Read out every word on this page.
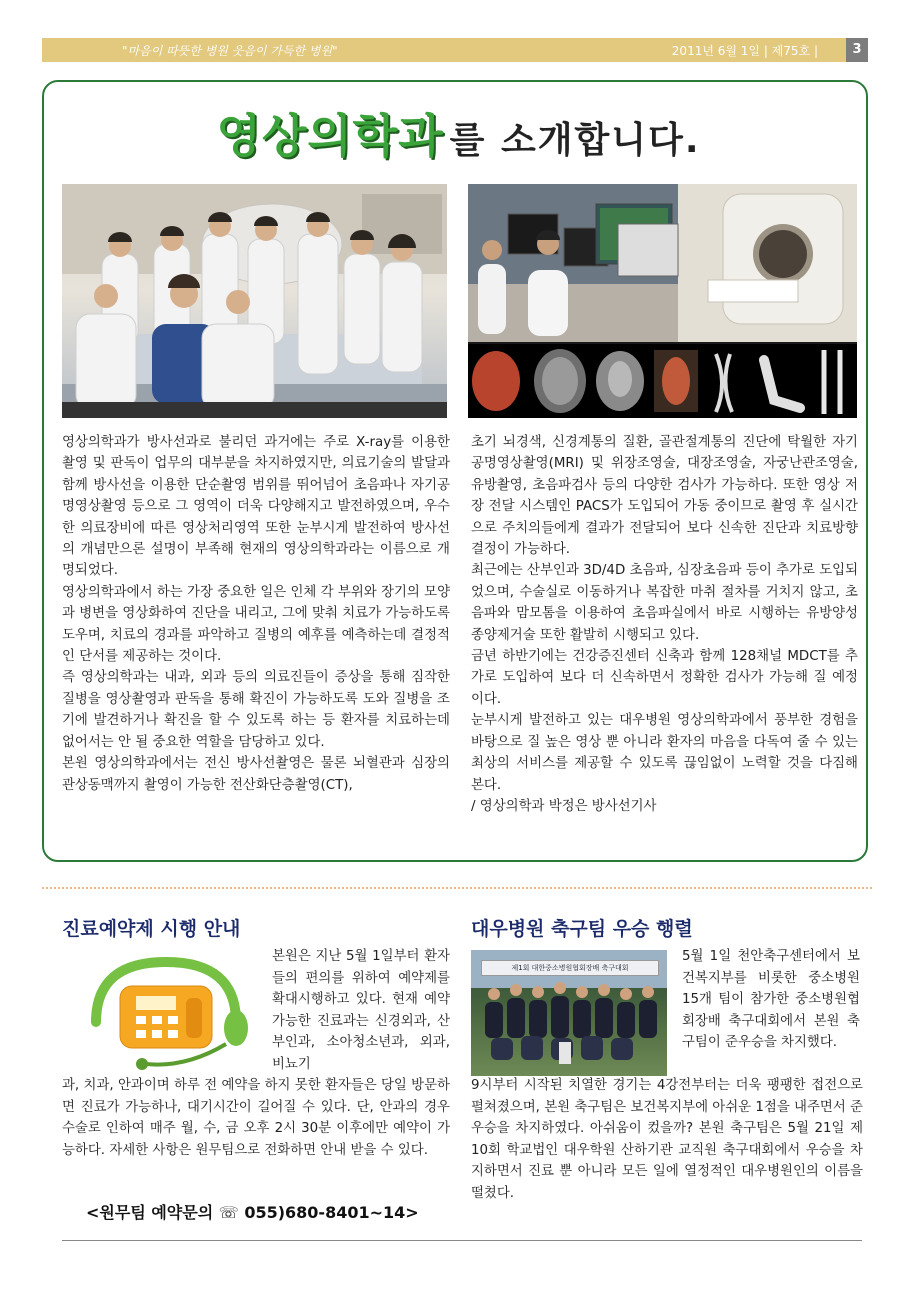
"마음이 따뜻한 병원 웃음이 가득한 병원"	2011년 6월 1일 | 제75호 |	3
영상의학과 를 소개합니다.

영상의학과가 방사선과로 불리던 과거에는 주로 X-ray를 이용한 촬영 및 판독이 업무의 대부분을 차지하였지만, 의료기술의 발달과 함께 방사선을 이용한 단순촬영 범위를 뛰어넘어 초음파나 자기공명영상촬영 등으로 그 영역이 더욱 다양해지고 발전하였으며, 우수한 의료장비에 따른 영상처리영역 또한 눈부시게 발전하여 방사선의 개념만으론 설명이 부족해 현재의 영상의학과라는 이름으로 개명되었다.

영상의학과에서 하는 가장 중요한 일은 인체 각 부위와 장기의 모양과 병변을 영상화하여 진단을 내리고, 그에 맞춰 치료가 가능하도록 도우며, 치료의 경과를 파악하고 질병의 예후를 예측하는데 결정적인 단서를 제공하는 것이다.

즉 영상의학과는 내과, 외과 등의 의료진들이 증상을 통해 짐작한 질병을 영상촬영과 판독을 통해 확진이 가능하도록 도와 질병을 조기에 발견하거나 확진을 할 수 있도록 하는 등 환자를 치료하는데 없어서는 안 될 중요한 역할을 담당하고 있다.

본원 영상의학과에서는 전신 방사선촬영은 물론 뇌혈관과 심장의 관상동맥까지 촬영이 가능한 전산화단층촬영(CT),

초기 뇌경색, 신경계통의 질환, 골관절계통의 진단에 탁월한 자기공명영상촬영(MRI) 및 위장조영술, 대장조영술, 자궁난관조영술, 유방촬영, 초음파검사 등의 다양한 검사가 가능하다. 또한 영상 저장 전달 시스템인 PACS가 도입되어 가동 중이므로 촬영 후 실시간으로 주치의들에게 결과가 전달되어 보다 신속한 진단과 치료방향 결정이 가능하다.

최근에는 산부인과 3D/4D 초음파, 심장초음파 등이 추가로 도입되었으며, 수술실로 이동하거나 복잡한 마취 절차를 거치지 않고, 초음파와 맘모톰을 이용하여 초음파실에서 바로 시행하는 유방양성종양제거술 또한 활발히 시행되고 있다.

금년 하반기에는 건강증진센터 신축과 함께 128채널 MDCT를 추가로 도입하여 보다 더 신속하면서 정확한 검사가 가능해 질 예정이다.

눈부시게 발전하고 있는 대우병원 영상의학과에서 풍부한 경험을 바탕으로 질 높은 영상 뿐 아니라 환자의 마음을 다독여 줄 수 있는 최상의 서비스를 제공할 수 있도록 끊임없이 노력할 것을 다짐해 본다.

/ 영상의학과 박정은 방사선기사

진료예약제 시행 안내
본원은 지난 5월 1일부터 환자들의 편의를 위하여 예약제를 확대시행하고 있다. 현재 예약 가능한 진료과는 신경외과, 산부인과, 소아청소년과, 외과, 비뇨기
과, 치과, 안과이며 하루 전 예약을 하지 못한 환자들은 당일 방문하면 진료가 가능하나, 대기시간이 길어질 수 있다. 단, 안과의 경우 수술로 인하여 매주 월, 수, 금 오후 2시 30분 이후에만 예약이 가능하다. 자세한 사항은 원무팀으로 전화하면 안내 받을 수 있다.
<원무팀 예약문의 ☏ 055)680-8401~14>
대우병원 축구팀 우승 행렬
제1회 대한중소병원협회장배 축구대회
5월 1일 천안축구센터에서 보건복지부를 비롯한 중소병원 15개 팀이 참가한 중소병원협회장배 축구대회에서 본원 축구팀이 준우승을 차지했다.
9시부터 시작된 치열한 경기는 4강전부터는 더욱 팽팽한 접전으로 펼쳐졌으며, 본원 축구팀은 보건복지부에 아쉬운 1점을 내주면서 준우승을 차지하였다. 아쉬움이 컸을까? 본원 축구팀은 5월 21일 제10회 학교법인 대우학원 산하기관 교직원 축구대회에서 우승을 차지하면서 진료 뿐 아니라 모든 일에 열정적인 대우병원인의 이름을 떨쳤다.
